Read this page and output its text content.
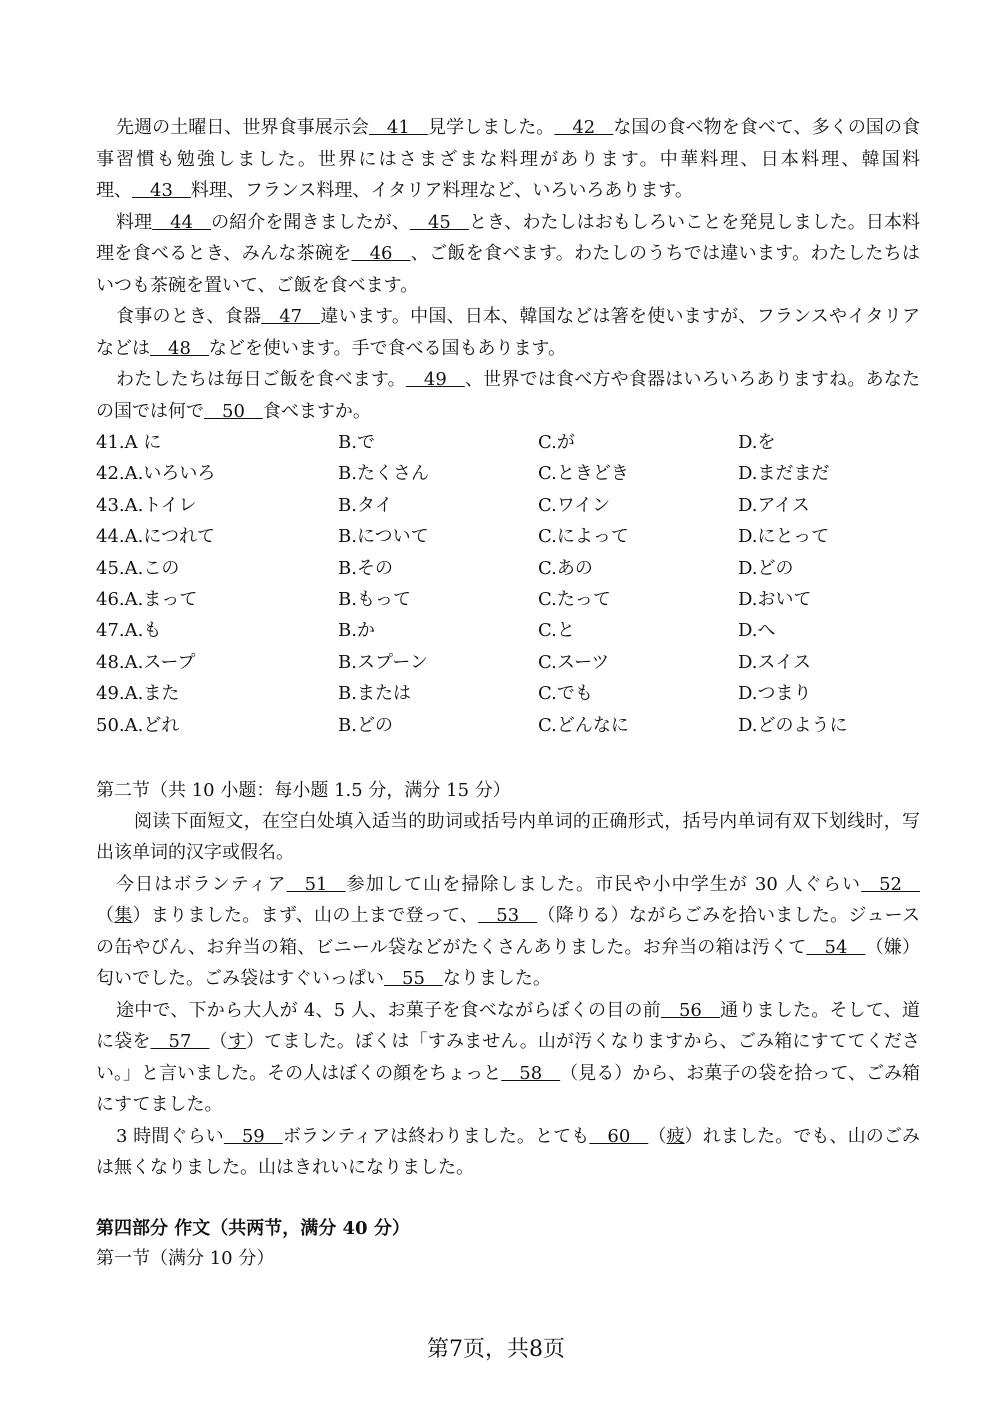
先週の土曜日、世界食事展示会  41  見学しました。  42  な国の食べ物を食べて、多くの国の食事習慣も勉強しました。世界にはさまざまな料理があります。中華料理、日本料理、韓国料理、  43  料理、フランス料理、イタリア料理など、いろいろあります。

料理  44  の紹介を聞きましたが、  45  とき、わたしはおもしろいことを発見しました。日本料理を食べるとき、みんな茶碗を  46  、ご飯を食べます。わたしのうちでは違います。わたしたちはいつも茶碗を置いて、ご飯を食べます。

食事のとき、食器  47  違います。中国、日本、韓国などは箸を使いますが、フランスやイタリアなどは  48  などを使います。手で食べる国もあります。

わたしたちは毎日ご飯を食べます。  49  、世界では食べ方や食器はいろいろありますね。あなたの国では何で  50  食べますか。

41.A に	B.で	C.が	D.を
42.A.いろいろ	B.たくさん	C.ときどき	D.まだまだ
43.A.トイレ	B.タイ	C.ワイン	D.アイス
44.A.につれて	B.について	C.によって	D.にとって
45.A.この	B.その	C.あの	D.どの
46.A.まって	B.もって	C.たって	D.おいて
47.A.も	B.か	C.と	D.へ
48.A.スープ	B.スプーン	C.スーツ	D.スイス
49.A.また	B.または	C.でも	D.つまり
50.A.どれ	B.どの	C.どんなに	D.どのように
第二节（共 10 小题：每小题 1.5 分，满分 15 分）

阅读下面短文，在空白处填入适当的助词或括号内单词的正确形式，括号内单词有双下划线时，写出该单词的汉字或假名。

今日はボランティア  51  参加して山を掃除しました。市民や小中学生が 30 人ぐらい  52  （集）まりました。まず、山の上まで登って、  53  （降りる）ながらごみを拾いました。ジュースの缶やびん、お弁当の箱、ビニール袋などがたくさんありました。お弁当の箱は汚くて  54  （嫌）匂いでした。ごみ袋はすぐいっぱい  55  なりました。

途中で、下から大人が 4、5 人、お菓子を食べながらぼくの目の前  56  通りました。そして、道に袋を  57  （す）てました。ぼくは「すみません。山が汚くなりますから、ごみ箱にすててください。」と言いました。その人はぼくの顔をちょっと  58  （見る）から、お菓子の袋を拾って、ごみ箱にすてました。

3 時間ぐらい  59  ボランティアは終わりました。とても  60  （疲）れました。でも、山のごみは無くなりました。山はきれいになりました。

第四部分 作文（共两节，满分 40 分）
第一节（满分 10 分）
第7页，共8页
